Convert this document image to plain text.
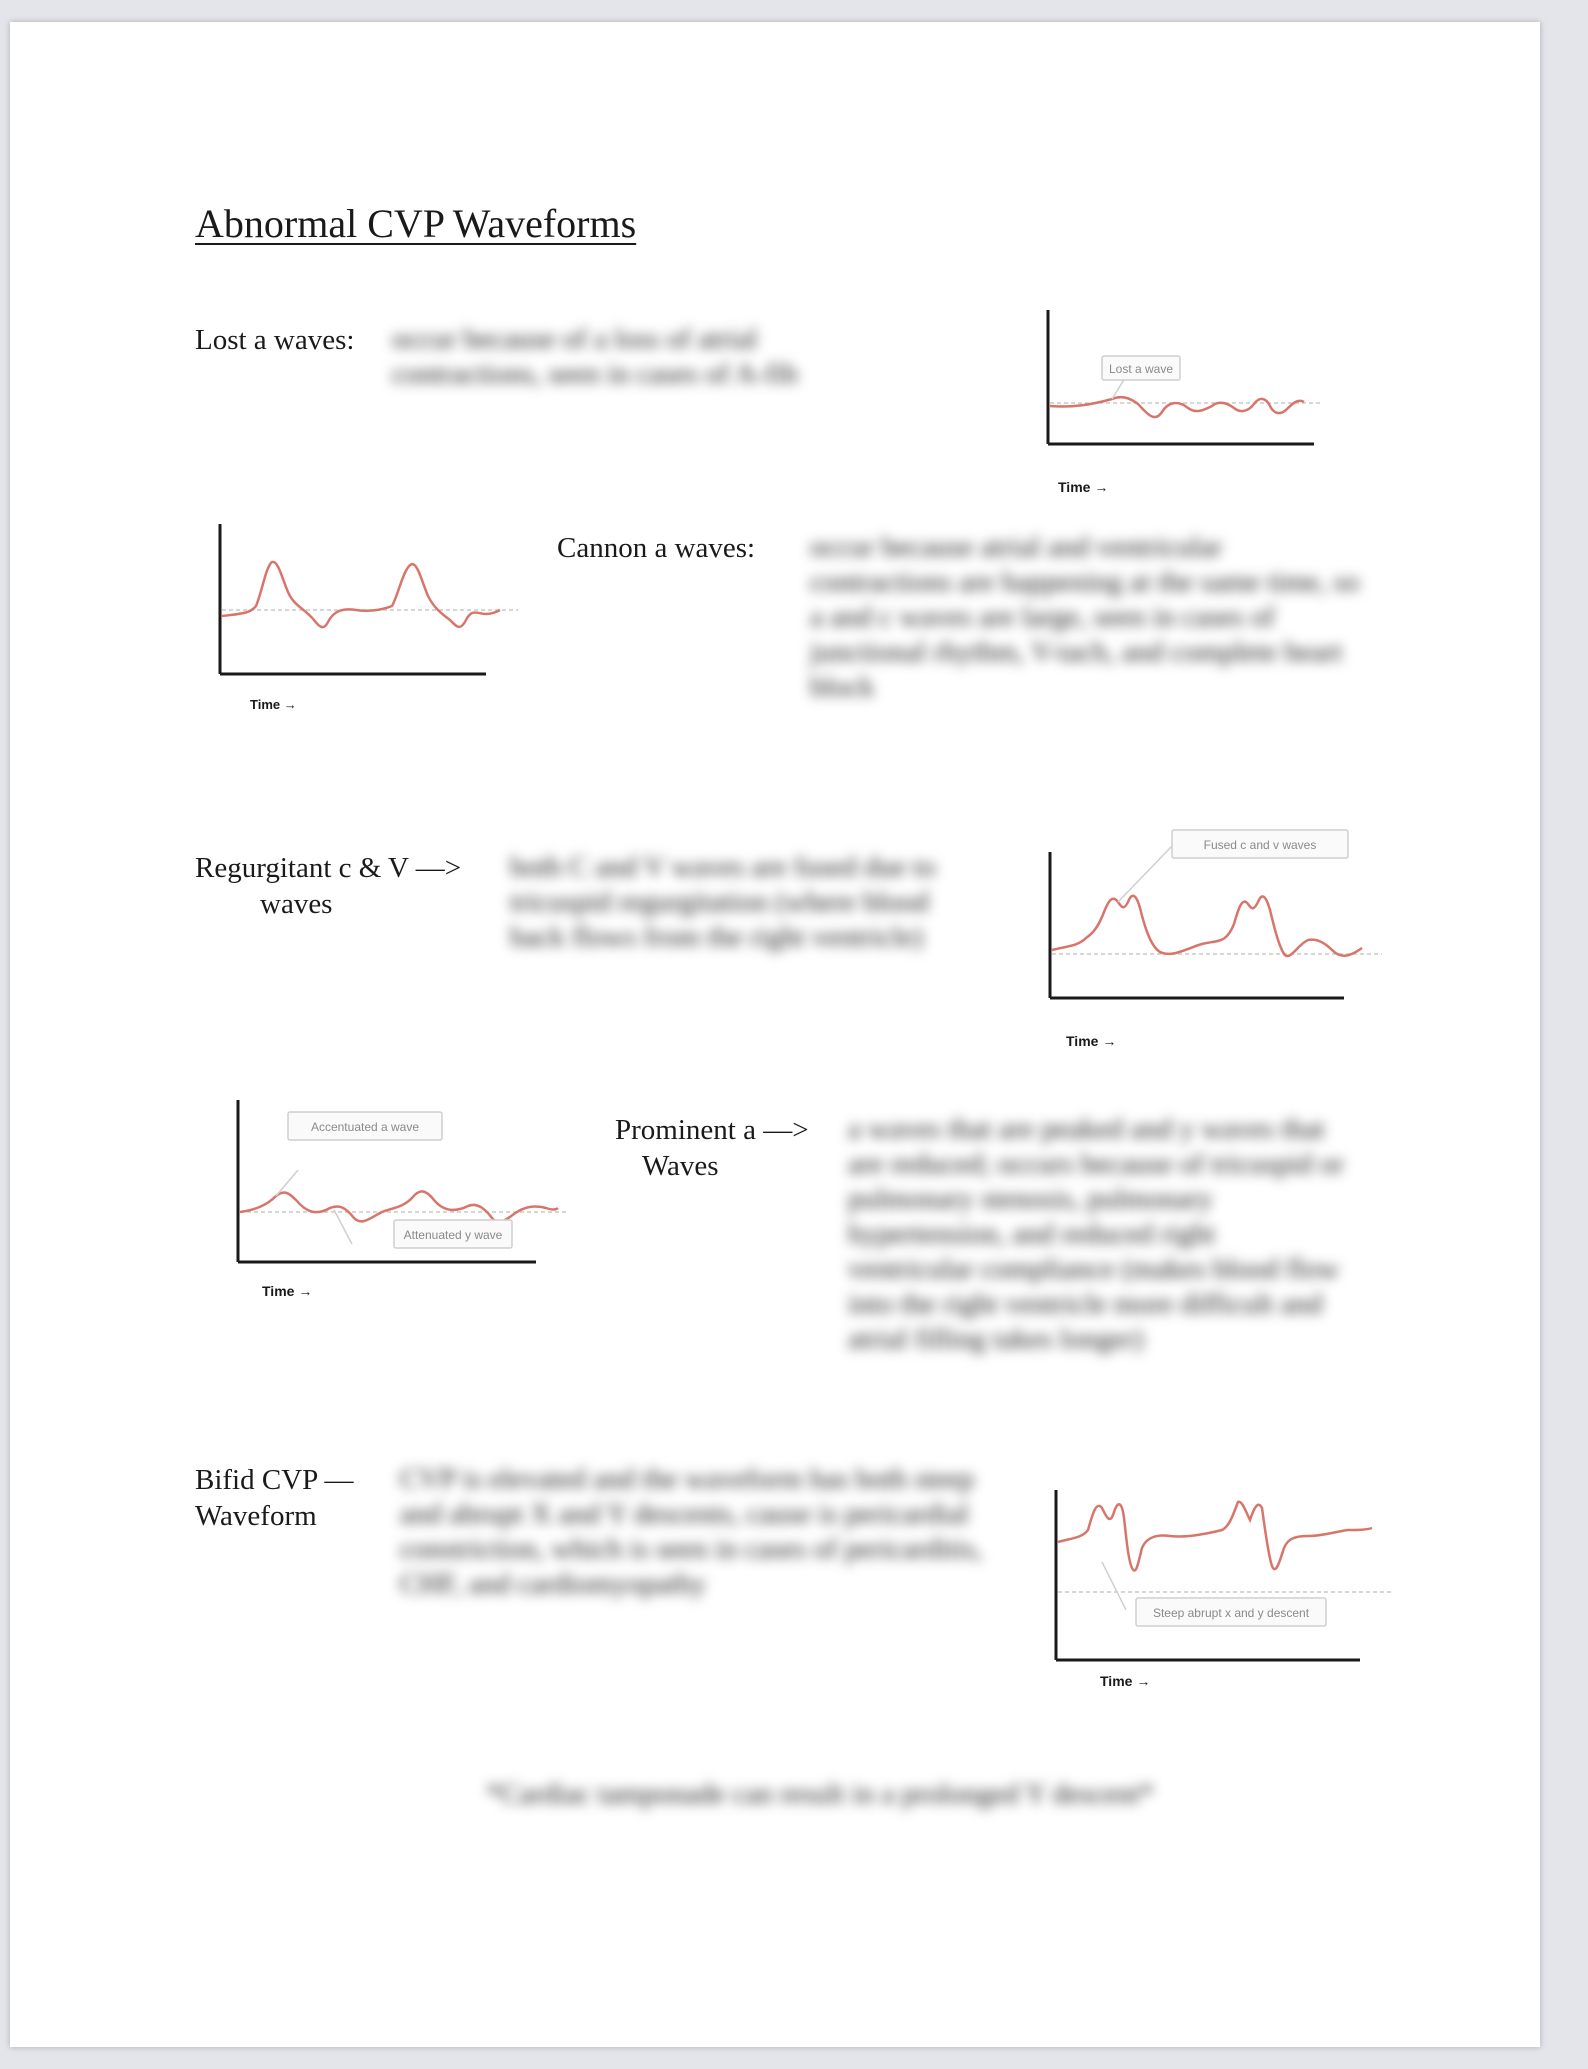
Abnormal CVP Waveforms
Lost a waves: occur because of a loss of atrial contractions, seen in cases of A-fib	Lost a wave
Time →
Time →
Cannon a waves: occur because atrial and ventricular contractions are happening at the same time, so a and c waves are large, seen in cases of junctional rhythm, V-tach, and complete heart block
Regurgitant c & V —>
waves
both C and V waves are fused due to tricuspid regurgitation (where blood back flows from the right ventricle)
Fused c and v waves
Time →
Accentuated a wave
Attenuated y wave
Time →
Prominent a —>
Waves
a waves that are peaked and y waves that are reduced; occurs because of tricuspid or pulmonary stenosis, pulmonary hypertension, and reduced right ventricular compliance (makes blood flow into the right ventricle more difficult and atrial filling takes longer)
Bifid CVP —
Waveform
CVP is elevated and the waveform has both steep and abrupt X and Y descents, cause is pericardial constriction, which is seen in cases of pericarditis, CHF, and cardiomyopathy
Steep abrupt x and y descent
Time →
*Cardiac tamponade can result in a prolonged Y descent*
